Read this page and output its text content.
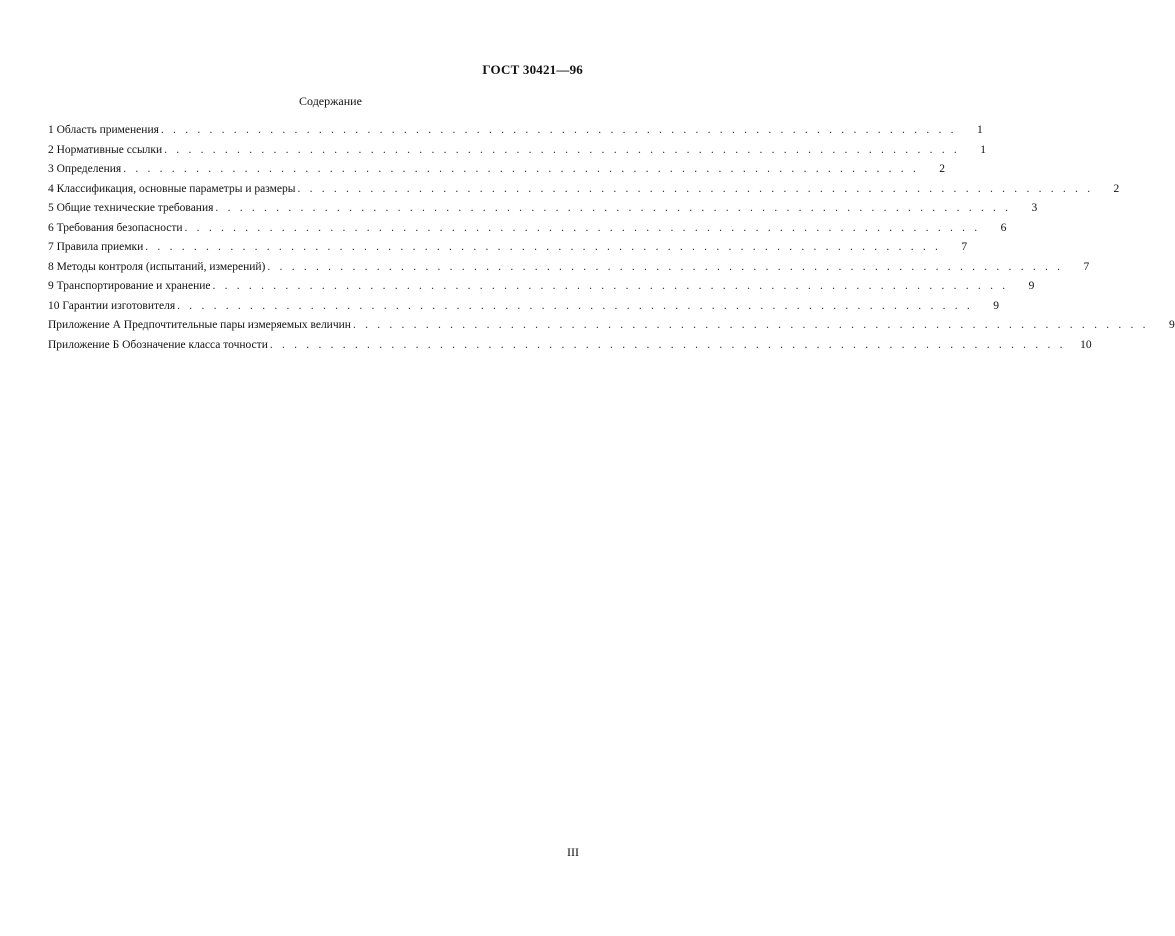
ГОСТ 30421—96
Содержание
1 Область применения . . . . . . . . . . . . . . . . . . . . . . . . . . . . . . . . . . . . . . . . . . . . . . . . . . . . . . . . . . . . . . . . . .	1
2 Нормативные ссылки . . . . . . . . . . . . . . . . . . . . . . . . . . . . . . . . . . . . . . . . . . . . . . . . . . . . . . . . . . . . . . . . . .	1
3 Определения . . . . . . . . . . . . . . . . . . . . . . . . . . . . . . . . . . . . . . . . . . . . . . . . . . . . . . . . . . . . . . . . . .	2
4 Классификация, основные параметры и размеры . . . . . . . . . . . . . . . . . . . . . . . . . . . . . . . . . . . . . . . . . . . . . . . . . . . . . . . . . . . . . . . . . .	2
5 Общие технические требования . . . . . . . . . . . . . . . . . . . . . . . . . . . . . . . . . . . . . . . . . . . . . . . . . . . . . . . . . . . . . . . . . .	3
6 Требования безопасности . . . . . . . . . . . . . . . . . . . . . . . . . . . . . . . . . . . . . . . . . . . . . . . . . . . . . . . . . . . . . . . . . .	6
7 Правила приемки . . . . . . . . . . . . . . . . . . . . . . . . . . . . . . . . . . . . . . . . . . . . . . . . . . . . . . . . . . . . . . . . . .	7
8 Методы контроля (испытаний, измерений) . . . . . . . . . . . . . . . . . . . . . . . . . . . . . . . . . . . . . . . . . . . . . . . . . . . . . . . . . . . . . . . . . .	7
9 Транспортирование и хранение . . . . . . . . . . . . . . . . . . . . . . . . . . . . . . . . . . . . . . . . . . . . . . . . . . . . . . . . . . . . . . . . . .	9
10 Гарантии изготовителя . . . . . . . . . . . . . . . . . . . . . . . . . . . . . . . . . . . . . . . . . . . . . . . . . . . . . . . . . . . . . . . . . .	9
Приложение А Предпочтительные пары измеряемых величин . . . . . . . . . . . . . . . . . . . . . . . . . . . . . . . . . . . . . . . . . . . . . . . . . . . . . . . . . . . . . . . . . .	9
Приложение Б Обозначение класса точности . . . . . . . . . . . . . . . . . . . . . . . . . . . . . . . . . . . . . . . . . . . . . . . . . . . . . . . . . . . . . . . . . .	10
III
